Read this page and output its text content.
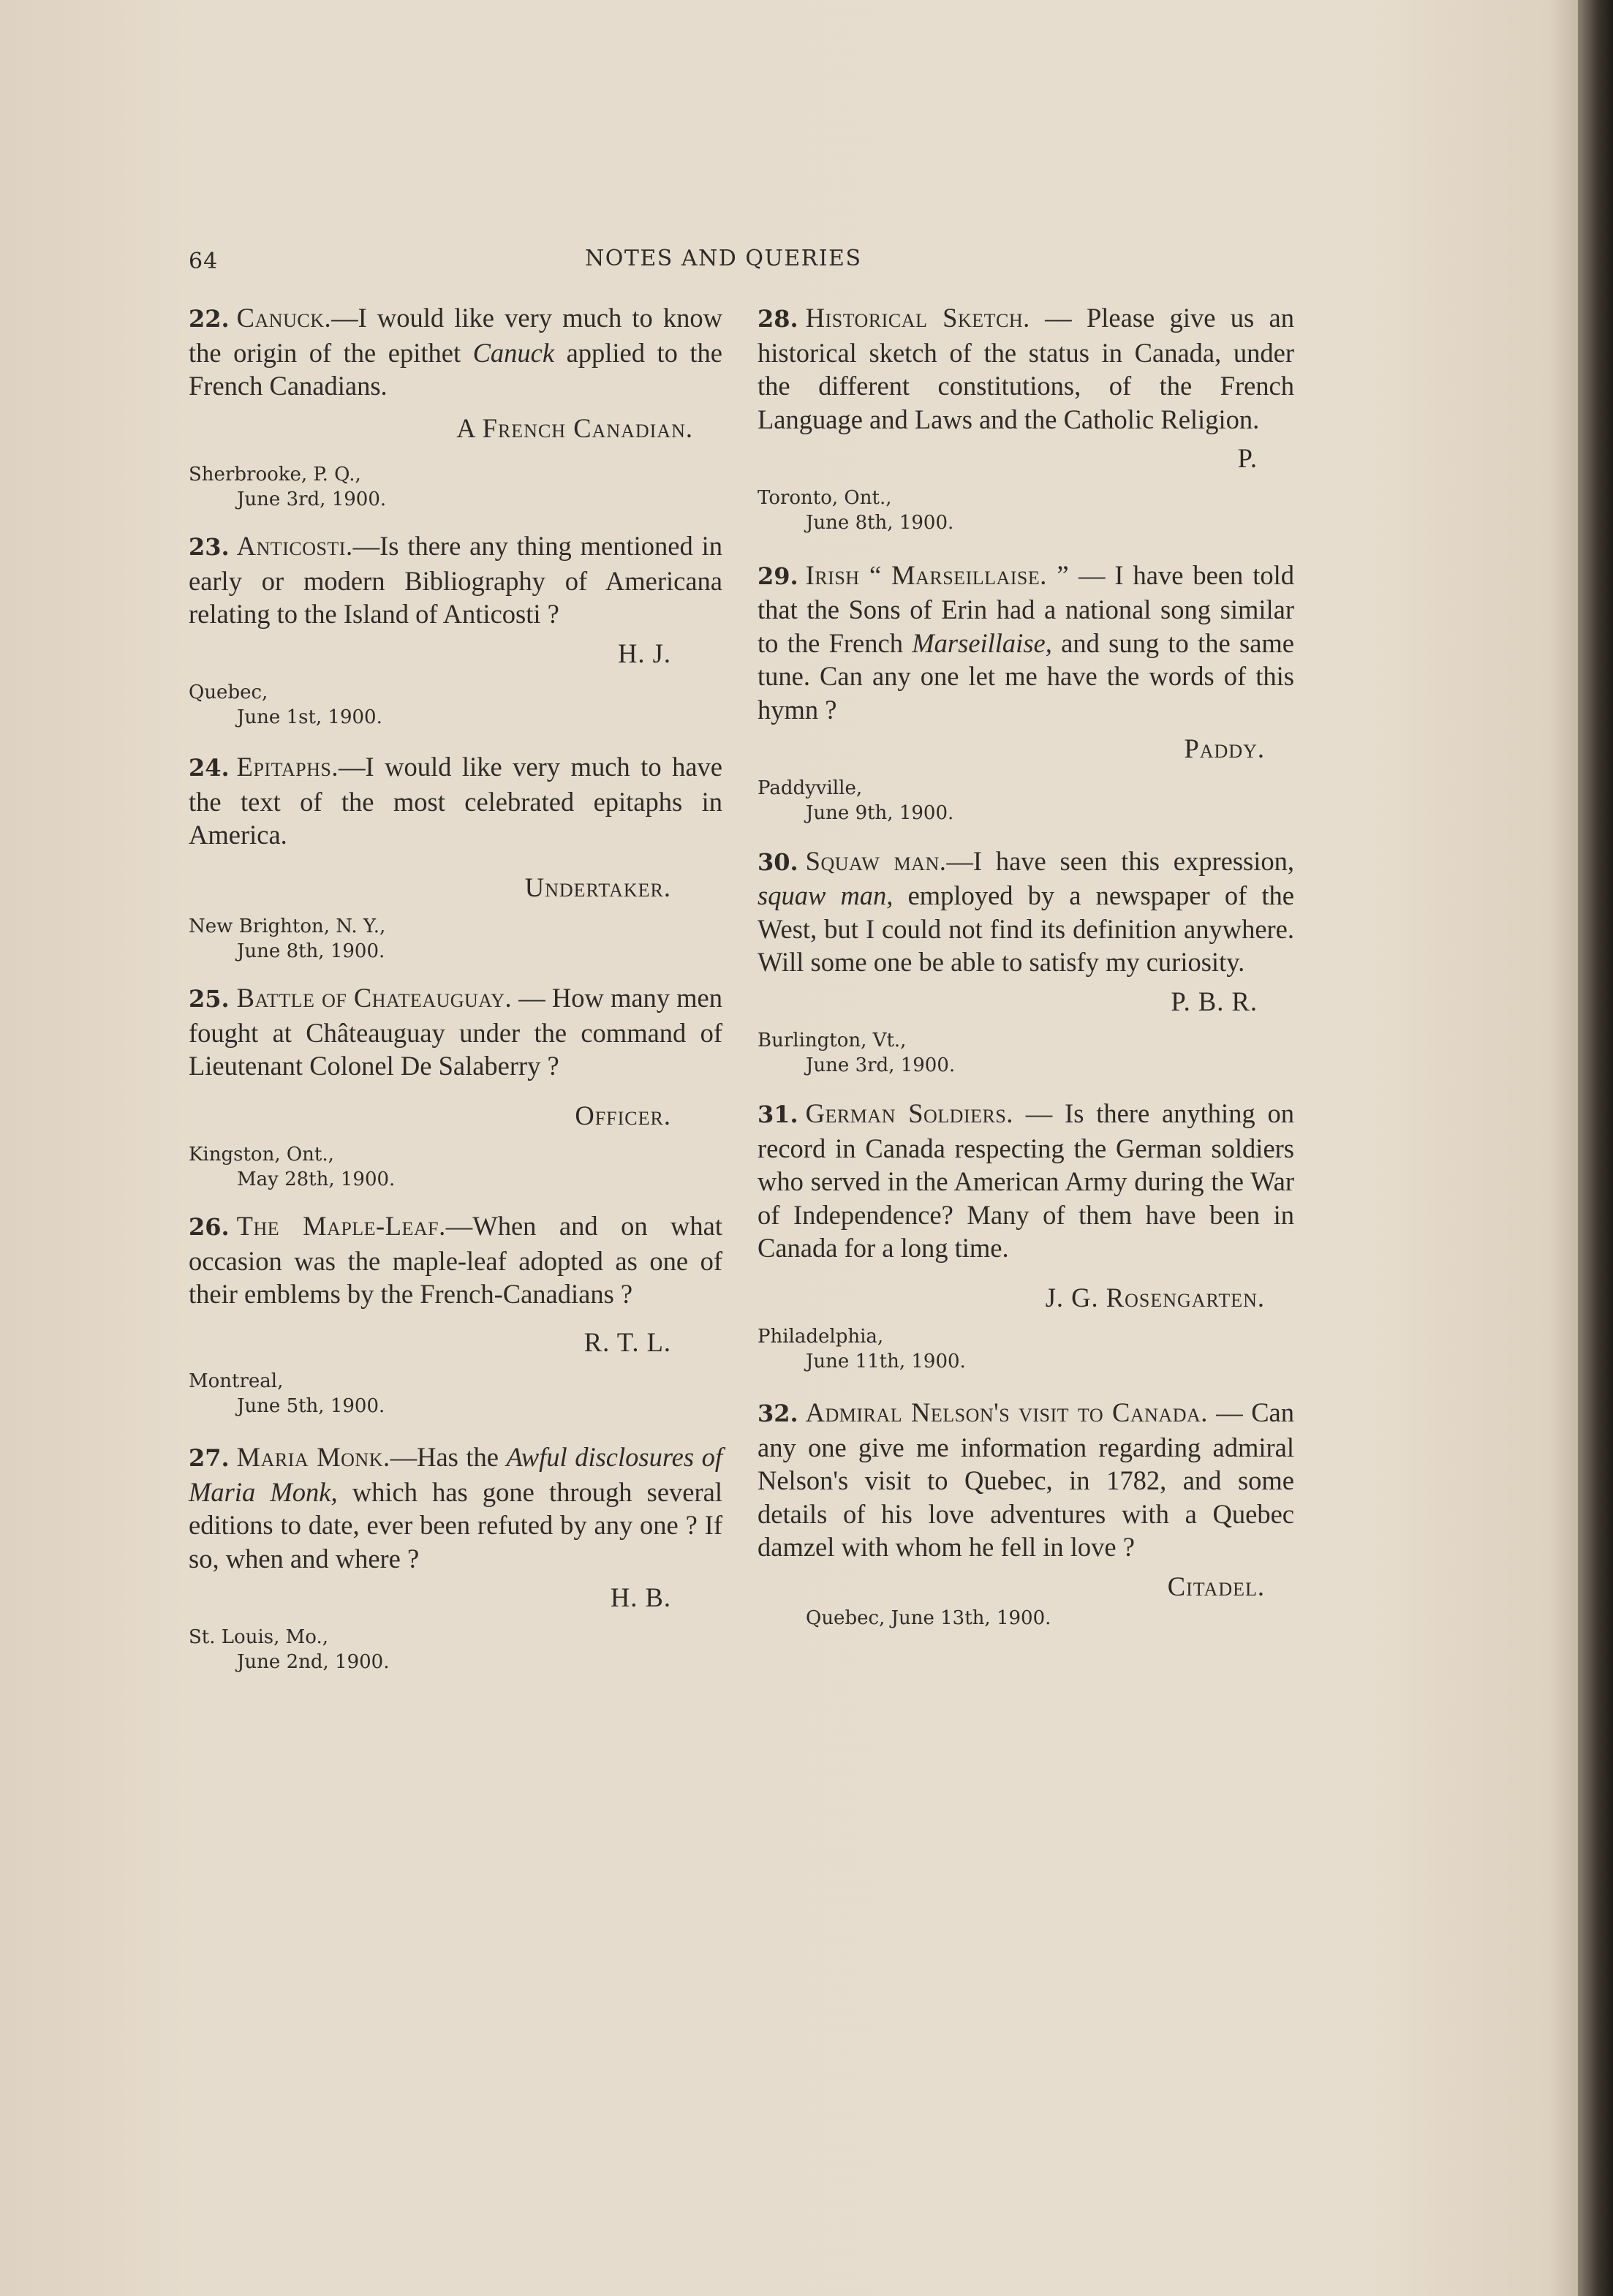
64	NOTES AND QUERIES

22. Canuck.—I would like very much to know the origin of the epithet Canuck applied to the French Canadians.

A French Canadian.
Sherbrooke, P. Q.,
June 3rd, 1900.

23. Anticosti.—Is there any thing mentioned in early or modern Bibliography of Americana relating to the Island of Anticosti ?

H. J.
Quebec,
June 1st, 1900.

24. Epitaphs.—I would like very much to have the text of the most celebrated epitaphs in America.

Undertaker.
New Brighton, N. Y.,
June 8th, 1900.

25. Battle of Chateauguay. — How many men fought at Châteauguay under the command of Lieutenant Colonel De Salaberry ?

Officer.
Kingston, Ont.,
May 28th, 1900.

26. The Maple-Leaf.—When and on what occasion was the maple-leaf adopted as one of their emblems by the French-Canadians ?

R. T. L.
Montreal,
June 5th, 1900.

27. Maria Monk.—Has the Awful disclosures of Maria Monk, which has gone through several editions to date, ever been refuted by any one ? If so, when and where ?

H. B.
St. Louis, Mo.,
June 2nd, 1900.

28. Historical Sketch. — Please give us an historical sketch of the status in Canada, under the different constitutions, of the French Language and Laws and the Catholic Religion.

P.
Toronto, Ont.,
June 8th, 1900.

29. Irish “ Marseillaise. ” — I have been told that the Sons of Erin had a national song similar to the French Marseillaise, and sung to the same tune. Can any one let me have the words of this hymn ?

Paddy.
Paddyville,
June 9th, 1900.

30. Squaw man.—I have seen this expression, squaw man, employed by a newspaper of the West, but I could not find its definition anywhere. Will some one be able to satisfy my curiosity.

P. B. R.
Burlington, Vt.,
June 3rd, 1900.

31. German Soldiers. — Is there anything on record in Canada respecting the German soldiers who served in the American Army during the War of Independence? Many of them have been in Canada for a long time.

J. G. Rosengarten.
Philadelphia,
June 11th, 1900.

32. Admiral Nelson's visit to Canada. — Can any one give me information regarding admiral Nelson's visit to Quebec, in 1782, and some details of his love adventures with a Quebec damzel with whom he fell in love ?

Citadel.
Quebec, June 13th, 1900.
